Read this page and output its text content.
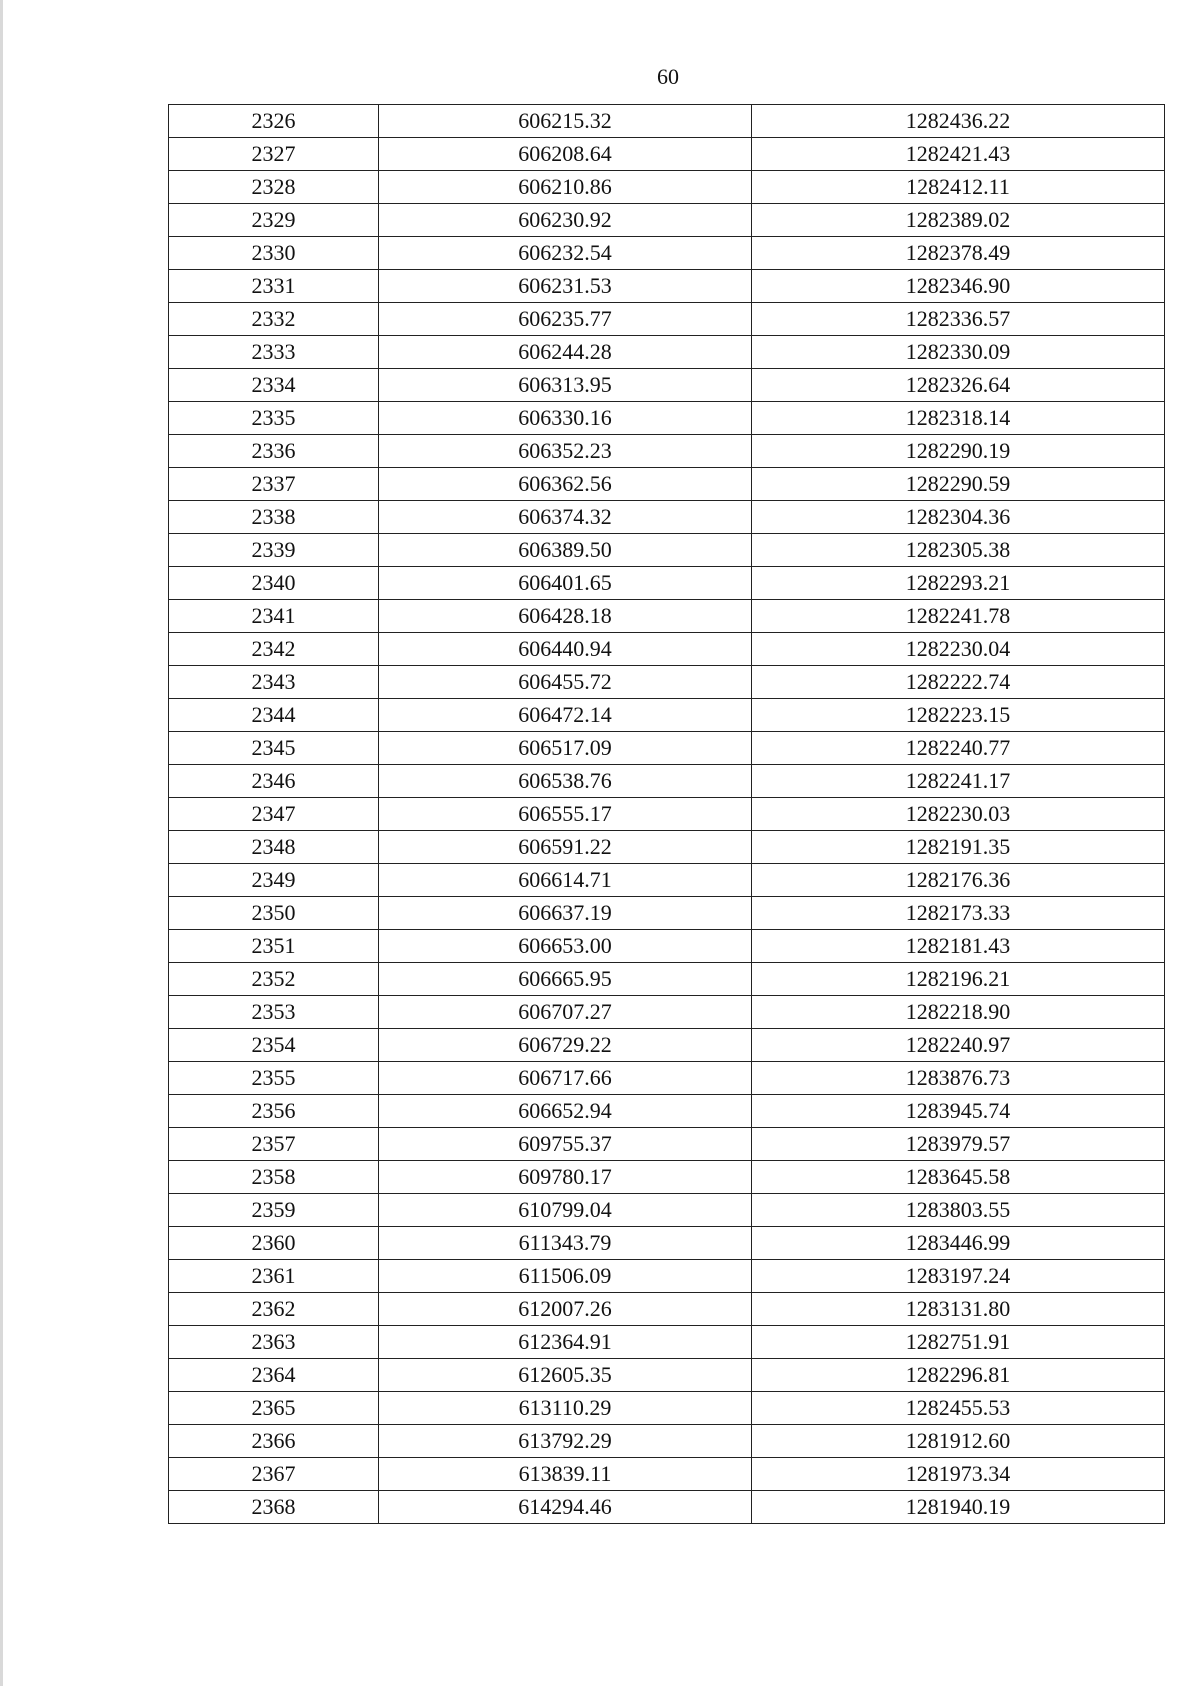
60
2326	606215.32	1282436.22
2327	606208.64	1282421.43
2328	606210.86	1282412.11
2329	606230.92	1282389.02
2330	606232.54	1282378.49
2331	606231.53	1282346.90
2332	606235.77	1282336.57
2333	606244.28	1282330.09
2334	606313.95	1282326.64
2335	606330.16	1282318.14
2336	606352.23	1282290.19
2337	606362.56	1282290.59
2338	606374.32	1282304.36
2339	606389.50	1282305.38
2340	606401.65	1282293.21
2341	606428.18	1282241.78
2342	606440.94	1282230.04
2343	606455.72	1282222.74
2344	606472.14	1282223.15
2345	606517.09	1282240.77
2346	606538.76	1282241.17
2347	606555.17	1282230.03
2348	606591.22	1282191.35
2349	606614.71	1282176.36
2350	606637.19	1282173.33
2351	606653.00	1282181.43
2352	606665.95	1282196.21
2353	606707.27	1282218.90
2354	606729.22	1282240.97
2355	606717.66	1283876.73
2356	606652.94	1283945.74
2357	609755.37	1283979.57
2358	609780.17	1283645.58
2359	610799.04	1283803.55
2360	611343.79	1283446.99
2361	611506.09	1283197.24
2362	612007.26	1283131.80
2363	612364.91	1282751.91
2364	612605.35	1282296.81
2365	613110.29	1282455.53
2366	613792.29	1281912.60
2367	613839.11	1281973.34
2368	614294.46	1281940.19
